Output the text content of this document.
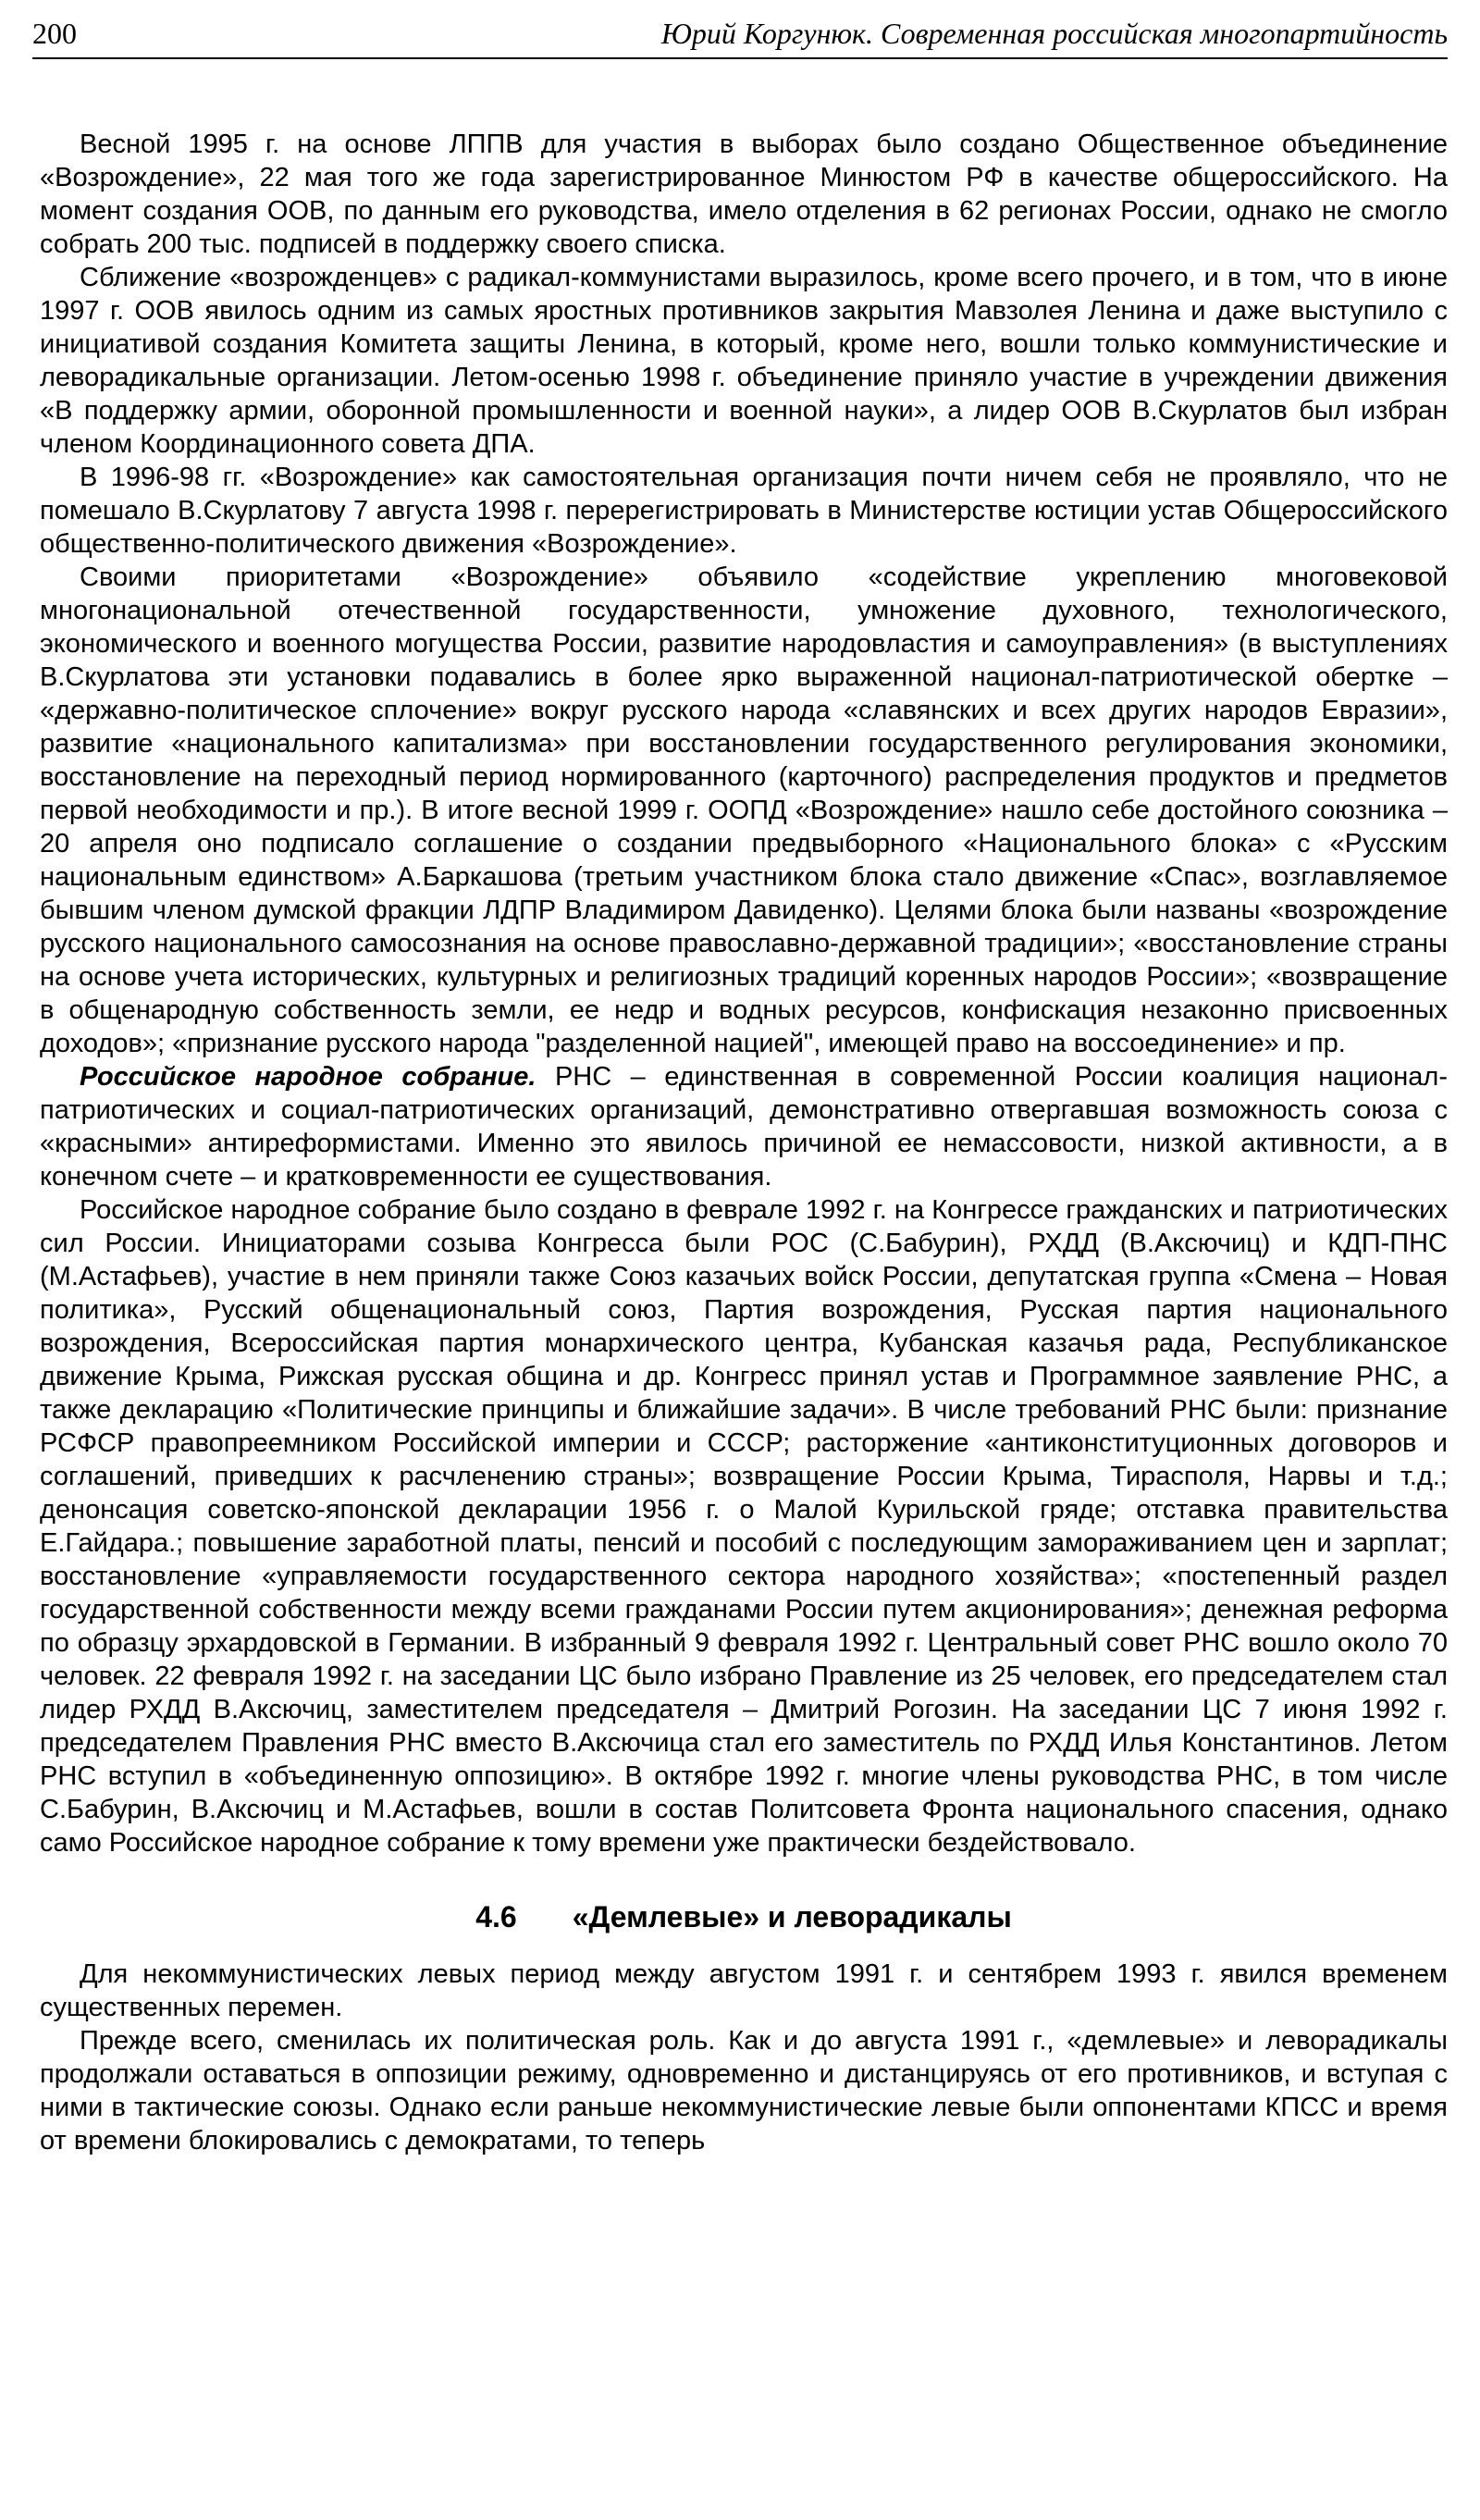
200	Юрий Коргунюк. Современная российская многопартийность

Весной 1995 г. на основе ЛППВ для участия в выборах было создано Общественное объединение «Возрождение», 22 мая того же года зарегистрированное Минюстом РФ в качестве общероссийского. На момент создания ООВ, по данным его руководства, имело отделения в 62 регионах России, однако не смогло собрать 200 тыс. подписей в поддержку своего списка.

Сближение «возрожденцев» с радикал-коммунистами выразилось, кроме всего прочего, и в том, что в июне 1997 г. ООВ явилось одним из самых яростных противников закрытия Мавзолея Ленина и даже выступило с инициативой создания Комитета защиты Ленина, в который, кроме него, вошли только коммунистические и леворадикальные организации. Летом-осенью 1998 г. объединение приняло участие в учреждении движения «В поддержку армии, оборонной промышленности и военной науки», а лидер ООВ В.Скурлатов был избран членом Координационного совета ДПА.

В 1996-98 гг. «Возрождение» как самостоятельная организация почти ничем себя не проявляло, что не помешало В.Скурлатову 7 августа 1998 г. перерегистрировать в Министерстве юстиции устав Общероссийского общественно-политического движения «Возрождение».

Своими приоритетами «Возрождение» объявило «содействие укреплению многовековой многонациональной отечественной государственности, умножение духовного, технологического, экономического и военного могущества России, развитие народовластия и самоуправления» (в выступлениях В.Скурлатова эти установки подавались в более ярко выраженной национал-патриотической обертке – «державно-политическое сплочение» вокруг русского народа «славянских и всех других народов Евразии», развитие «национального капитализма» при восстановлении государственного регулирования экономики, восстановление на переходный период нормированного (карточного) распределения продуктов и предметов первой необходимости и пр.). В итоге весной 1999 г. ООПД «Возрождение» нашло себе достойного союзника – 20 апреля оно подписало соглашение о создании предвыборного «Национального блока» с «Русским национальным единством» А.Баркашова (третьим участником блока стало движение «Спас», возглавляемое бывшим членом думской фракции ЛДПР Владимиром Давиденко). Целями блока были названы «возрождение русского национального самосознания на основе православно-державной традиции»; «восстановление страны на основе учета исторических, культурных и религиозных традиций коренных народов России»; «возвращение в общенародную собственность земли, ее недр и водных ресурсов, конфискация незаконно присвоенных доходов»; «признание русского народа "разделенной нацией", имеющей право на воссоединение» и пр.

Российское народное собрание. РНС – единственная в современной России коалиция национал-патриотических и социал-патриотических организаций, демонстративно отвергавшая возможность союза с «красными» антиреформистами. Именно это явилось причиной ее немассовости, низкой активности, а в конечном счете – и кратковременности ее существования.

Российское народное собрание было создано в феврале 1992 г. на Конгрессе гражданских и патриотических сил России. Инициаторами созыва Конгресса были РОС (С.Бабурин), РХДД (В.Аксючиц) и КДП-ПНС (М.Астафьев), участие в нем приняли также Союз казачьих войск России, депутатская группа «Смена – Новая политика», Русский общенациональный союз, Партия возрождения, Русская партия национального возрождения, Всероссийская партия монархического центра, Кубанская казачья рада, Республиканское движение Крыма, Рижская русская община и др. Конгресс принял устав и Программное заявление РНС, а также декларацию «Политические принципы и ближайшие задачи». В числе требований РНС были: признание РСФСР правопреемником Российской империи и СССР; расторжение «антиконституционных договоров и соглашений, приведших к расчленению страны»; возвращение России Крыма, Тирасполя, Нарвы и т.д.; денонсация советско-японской декларации 1956 г. о Малой Курильской гряде; отставка правительства Е.Гайдара.; повышение заработной платы, пенсий и пособий с последующим замораживанием цен и зарплат; восстановление «управляемости государственного сектора народного хозяйства»; «постепенный раздел государственной собственности между всеми гражданами России путем акционирования»; денежная реформа по образцу эрхардовской в Германии. В избранный 9 февраля 1992 г. Центральный совет РНС вошло около 70 человек. 22 февраля 1992 г. на заседании ЦС было избрано Правление из 25 человек, его председателем стал лидер РХДД В.Аксючиц, заместителем председателя – Дмитрий Рогозин. На заседании ЦС 7 июня 1992 г. председателем Правления РНС вместо В.Аксючица стал его заместитель по РХДД Илья Константинов. Летом РНС вступил в «объединенную оппозицию». В октябре 1992 г. многие члены руководства РНС, в том числе С.Бабурин, В.Аксючиц и М.Астафьев, вошли в состав Политсовета Фронта национального спасения, однако само Российское народное собрание к тому времени уже практически бездействовало.

4.6 «Демлевые» и леворадикалы

Для некоммунистических левых период между августом 1991 г. и сентябрем 1993 г. явился временем существенных перемен.

Прежде всего, сменилась их политическая роль. Как и до августа 1991 г., «демлевые» и леворадикалы продолжали оставаться в оппозиции режиму, одновременно и дистанцируясь от его противников, и вступая с ними в тактические союзы. Однако если раньше некоммунистические левые были оппонентами КПСС и время от времени блокировались с демократами, то теперь
